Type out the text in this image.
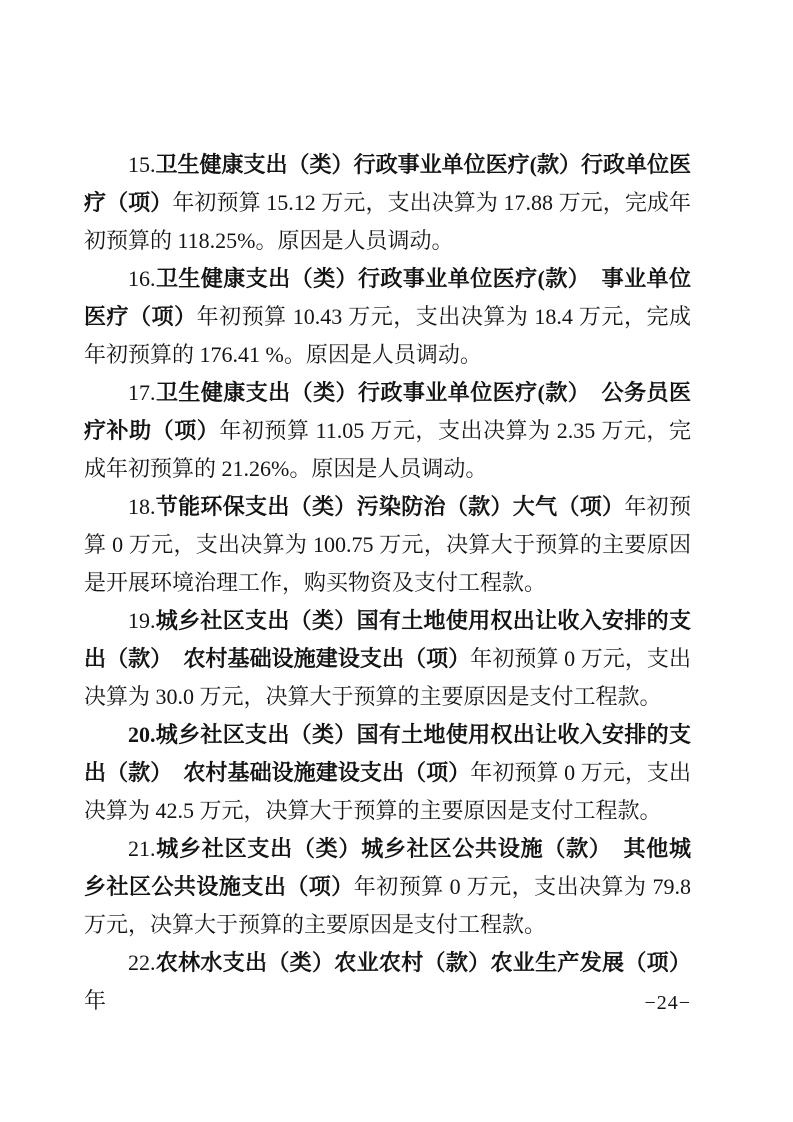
15.卫生健康支出（类）行政事业单位医疗(款）行政单位医疗（项）年初预算 15.12 万元，支出决算为 17.88 万元，完成年初预算的 118.25%。原因是人员调动。

16.卫生健康支出（类）行政事业单位医疗(款）　事业单位医疗（项）年初预算 10.43 万元，支出决算为 18.4 万元，完成年初预算的 176.41 %。原因是人员调动。

17.卫生健康支出（类）行政事业单位医疗(款）　公务员医疗补助（项）年初预算 11.05 万元，支出决算为 2.35 万元，完成年初预算的 21.26%。原因是人员调动。

18.节能环保支出（类）污染防治（款）大气（项）年初预算 0 万元，支出决算为 100.75 万元，决算大于预算的主要原因是开展环境治理工作，购买物资及支付工程款。

19.城乡社区支出（类）国有土地使用权出让收入安排的支出（款）　农村基础设施建设支出（项）年初预算 0 万元，支出决算为 30.0 万元，决算大于预算的主要原因是支付工程款。

20.城乡社区支出（类）国有土地使用权出让收入安排的支出（款）　农村基础设施建设支出（项）年初预算 0 万元，支出决算为 42.5 万元，决算大于预算的主要原因是支付工程款。

21.城乡社区支出（类）城乡社区公共设施（款）　其他城乡社区公共设施支出（项）年初预算 0 万元，支出决算为 79.8 万元，决算大于预算的主要原因是支付工程款。

22.农林水支出（类）农业农村（款）农业生产发展（项）年	−24−
